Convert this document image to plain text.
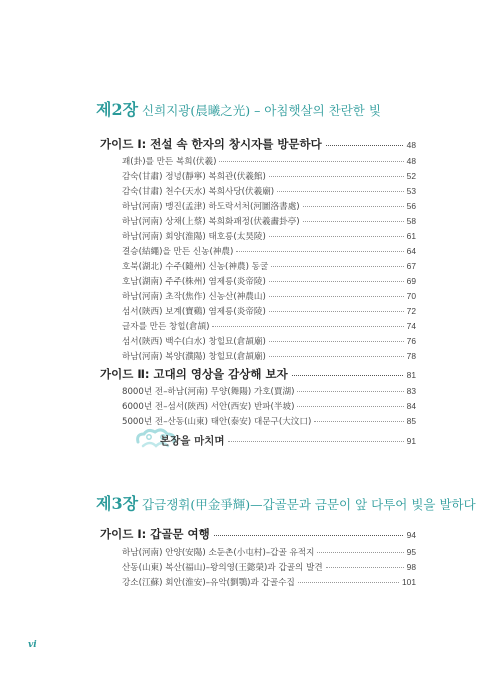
제2장 신희지광(晨曦之光) – 아침햇살의 찬란한 빛
가이드 Ⅰ: 전설 속 한자의 창시자를 방문하다	48
괘(卦)를 만든 복희(伏羲)	48
감숙(甘肅) 정녕(靜寧) 복희관(伏羲館)	52
감숙(甘肅) 천수(天水) 복희사당(伏羲廟)	53
하남(河南) 맹진(孟津) 하도락서처(河圖洛書處)	56
하남(河南) 상채(上蔡) 복희화괘정(伏羲畵卦亭)	58
하남(河南) 회양(淮陽) 태호릉(太昊陵)	61
결승(結繩)을 만든 신농(神農)	64
호북(湖北) 수주(隨州) 신농(神農) 동굴	67
호남(湖南) 주주(株州) 염제릉(炎帝陵)	69
하남(河南) 초작(焦作) 신농산(神農山)	70
섬서(陝西) 보계(寶鷄) 염제릉(炎帝陵)	72
글자를 만든 창힐(倉頡)	74
섬서(陝西) 백수(白水) 창힐묘(倉頡廟)	76
하남(河南) 복양(濮陽) 창힐묘(倉頡廟)	78
가이드 Ⅱ: 고대의 영상을 감상해 보자	81
8000년 전–하남(河南) 무양(舞陽) 가호(賈湖)	83
6000년 전–섬서(陝西) 서안(西安) 반파(半坡)	84
5000년 전–산동(山東) 태안(泰安) 대문구(大汶口)	85
본장을 마치며	91
제3장 갑금쟁휘(甲金爭輝)—갑골문과 금문이 앞 다투어 빛을 발하다
가이드 Ⅰ: 갑골문 여행	94
하남(河南) 안양(安陽) 소둔촌(小屯村)–갑골 유적지	95
산동(山東) 복산(福山)–왕의영(王懿榮)과 갑골의 발견	98
강소(江蘇) 회안(淮安)–유악(劉鶚)과 갑골수집	101
vi
